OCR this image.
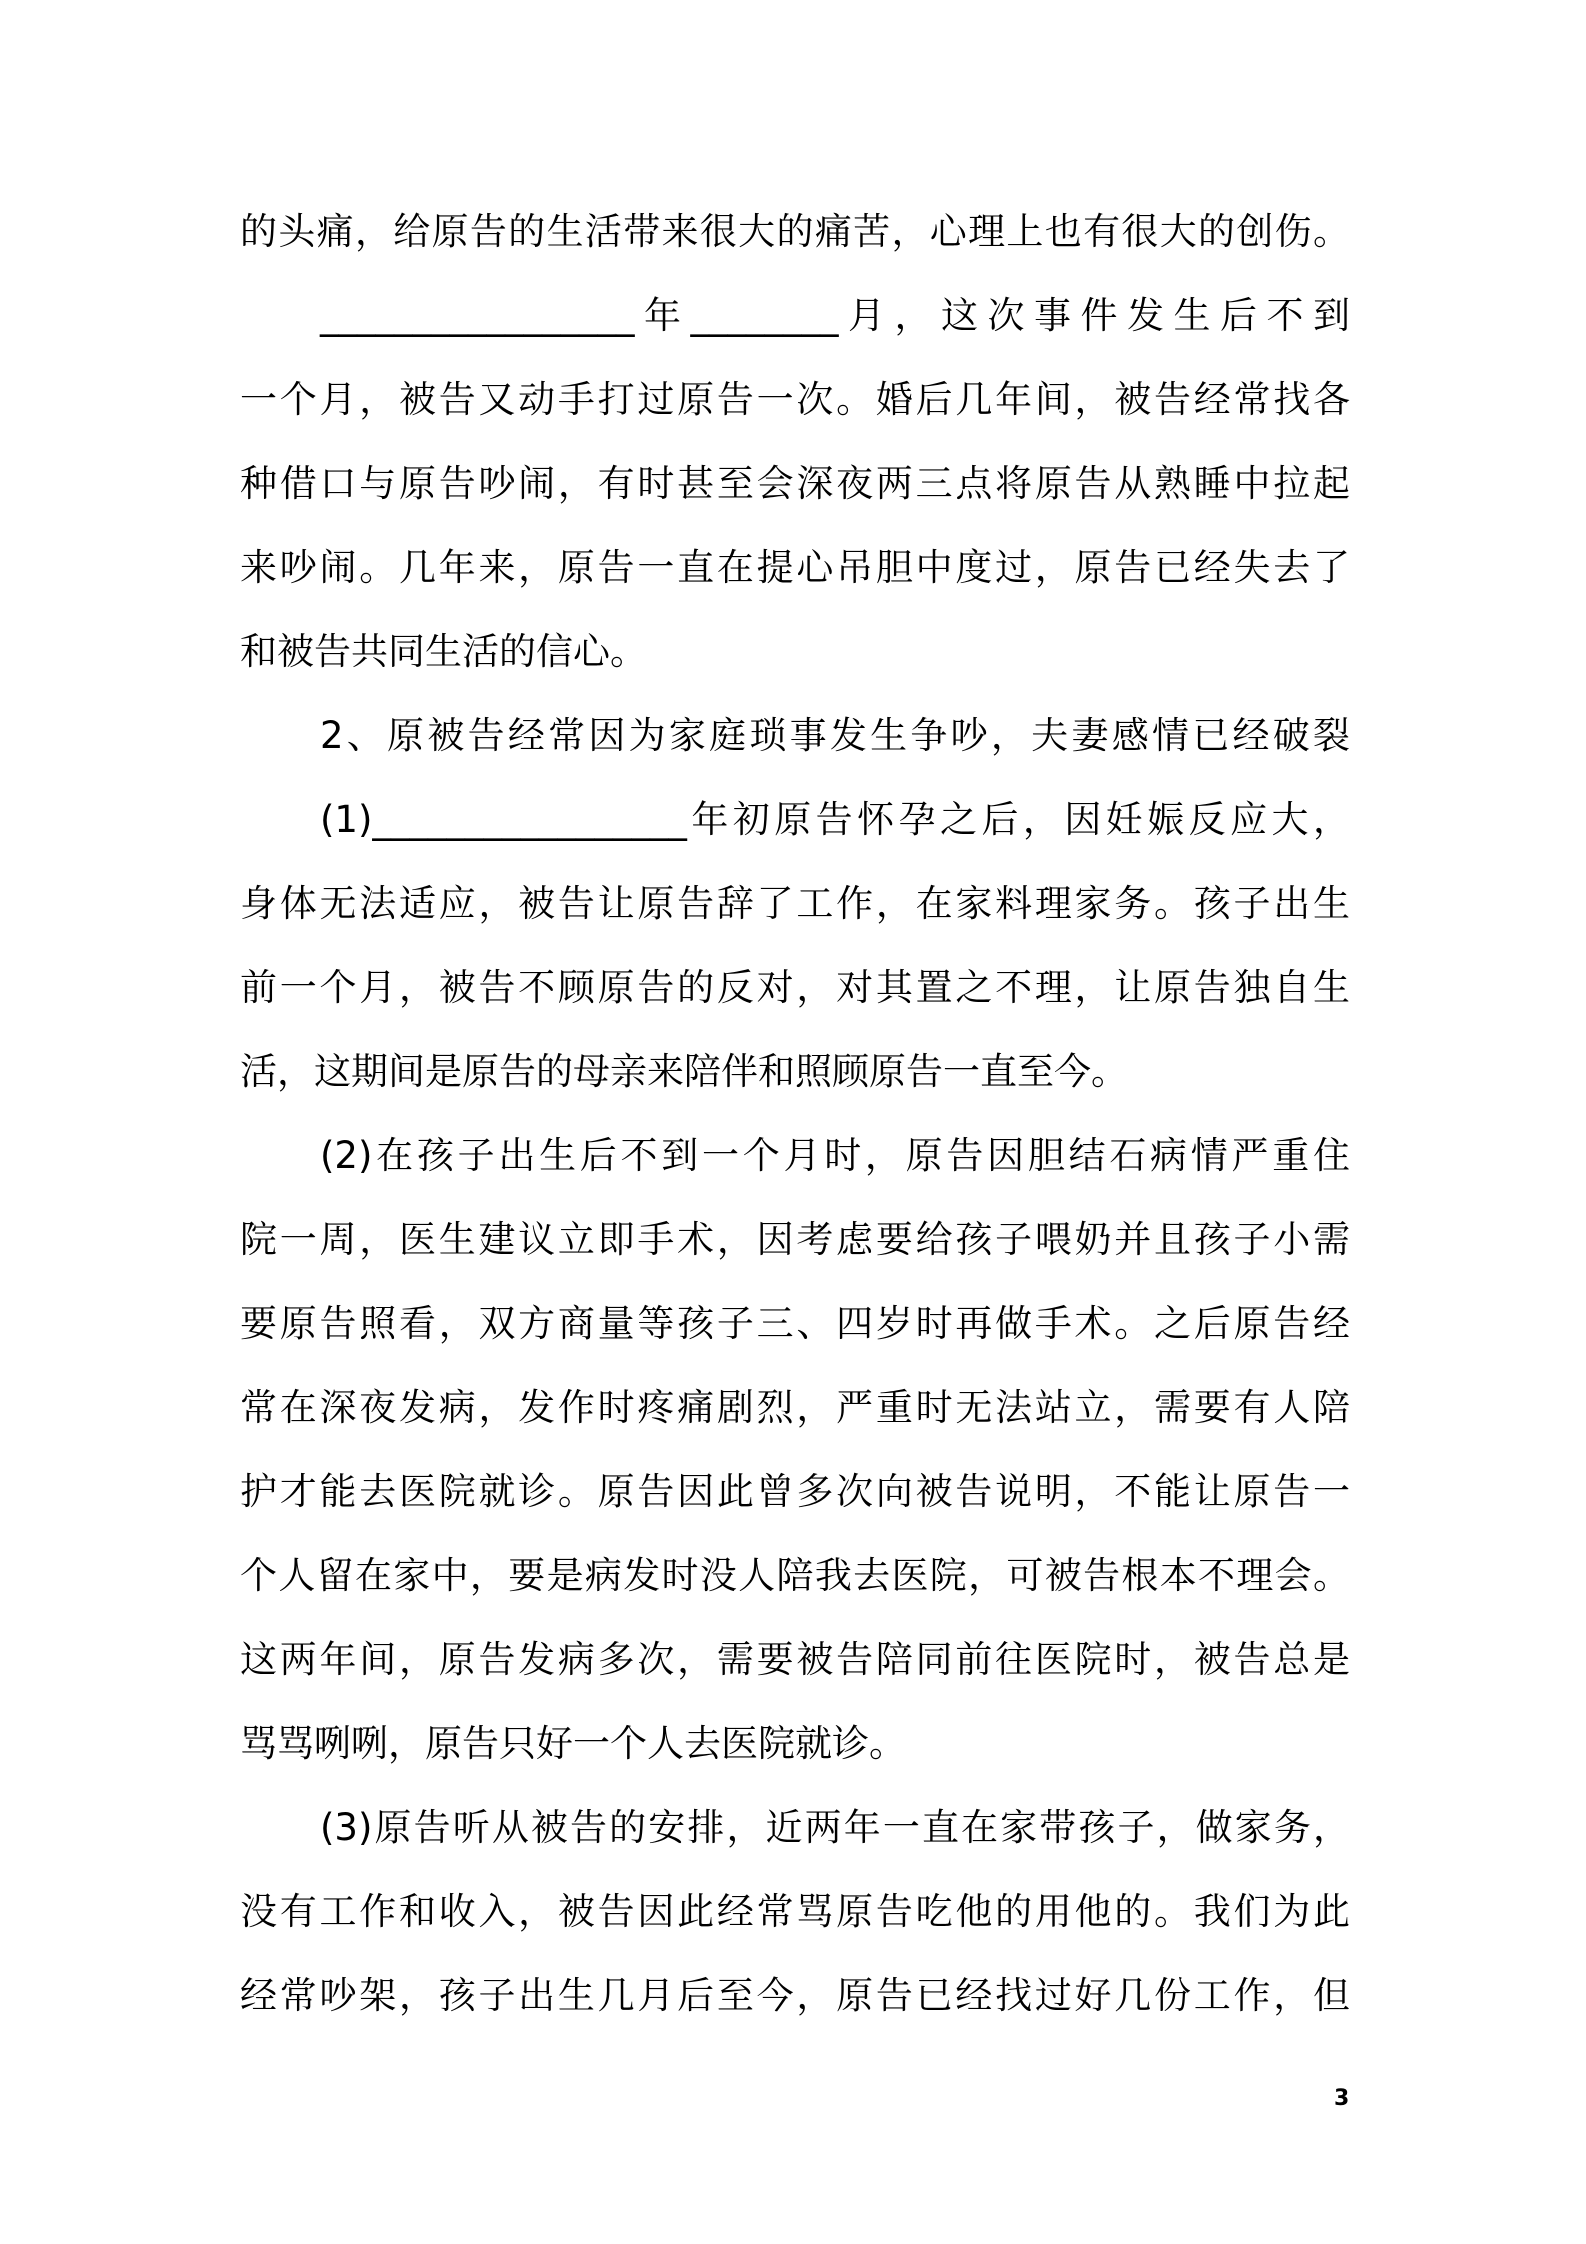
的头痛，给原告的生活带来很大的痛苦，心理上也有很大的创伤。
_________________年________月，这次事件发生后不到
一个月，被告又动手打过原告一次。婚后几年间，被告经常找各
种借口与原告吵闹，有时甚至会深夜两三点将原告从熟睡中拉起
来吵闹。几年来，原告一直在提心吊胆中度过，原告已经失去了
和被告共同生活的信心。
2、原被告经常因为家庭琐事发生争吵，夫妻感情已经破裂
(1)_________________年初原告怀孕之后，因妊娠反应大，
身体无法适应，被告让原告辞了工作，在家料理家务。孩子出生
前一个月，被告不顾原告的反对，对其置之不理，让原告独自生
活，这期间是原告的母亲来陪伴和照顾原告一直至今。
(2)在孩子出生后不到一个月时，原告因胆结石病情严重住
院一周，医生建议立即手术，因考虑要给孩子喂奶并且孩子小需
要原告照看，双方商量等孩子三、四岁时再做手术。之后原告经
常在深夜发病，发作时疼痛剧烈，严重时无法站立，需要有人陪
护才能去医院就诊。原告因此曾多次向被告说明，不能让原告一
个人留在家中，要是病发时没人陪我去医院，可被告根本不理会。
这两年间，原告发病多次，需要被告陪同前往医院时，被告总是
骂骂咧咧，原告只好一个人去医院就诊。
(3)原告听从被告的安排，近两年一直在家带孩子，做家务，
没有工作和收入，被告因此经常骂原告吃他的用他的。我们为此
经常吵架，孩子出生几月后至今，原告已经找过好几份工作，但
3
